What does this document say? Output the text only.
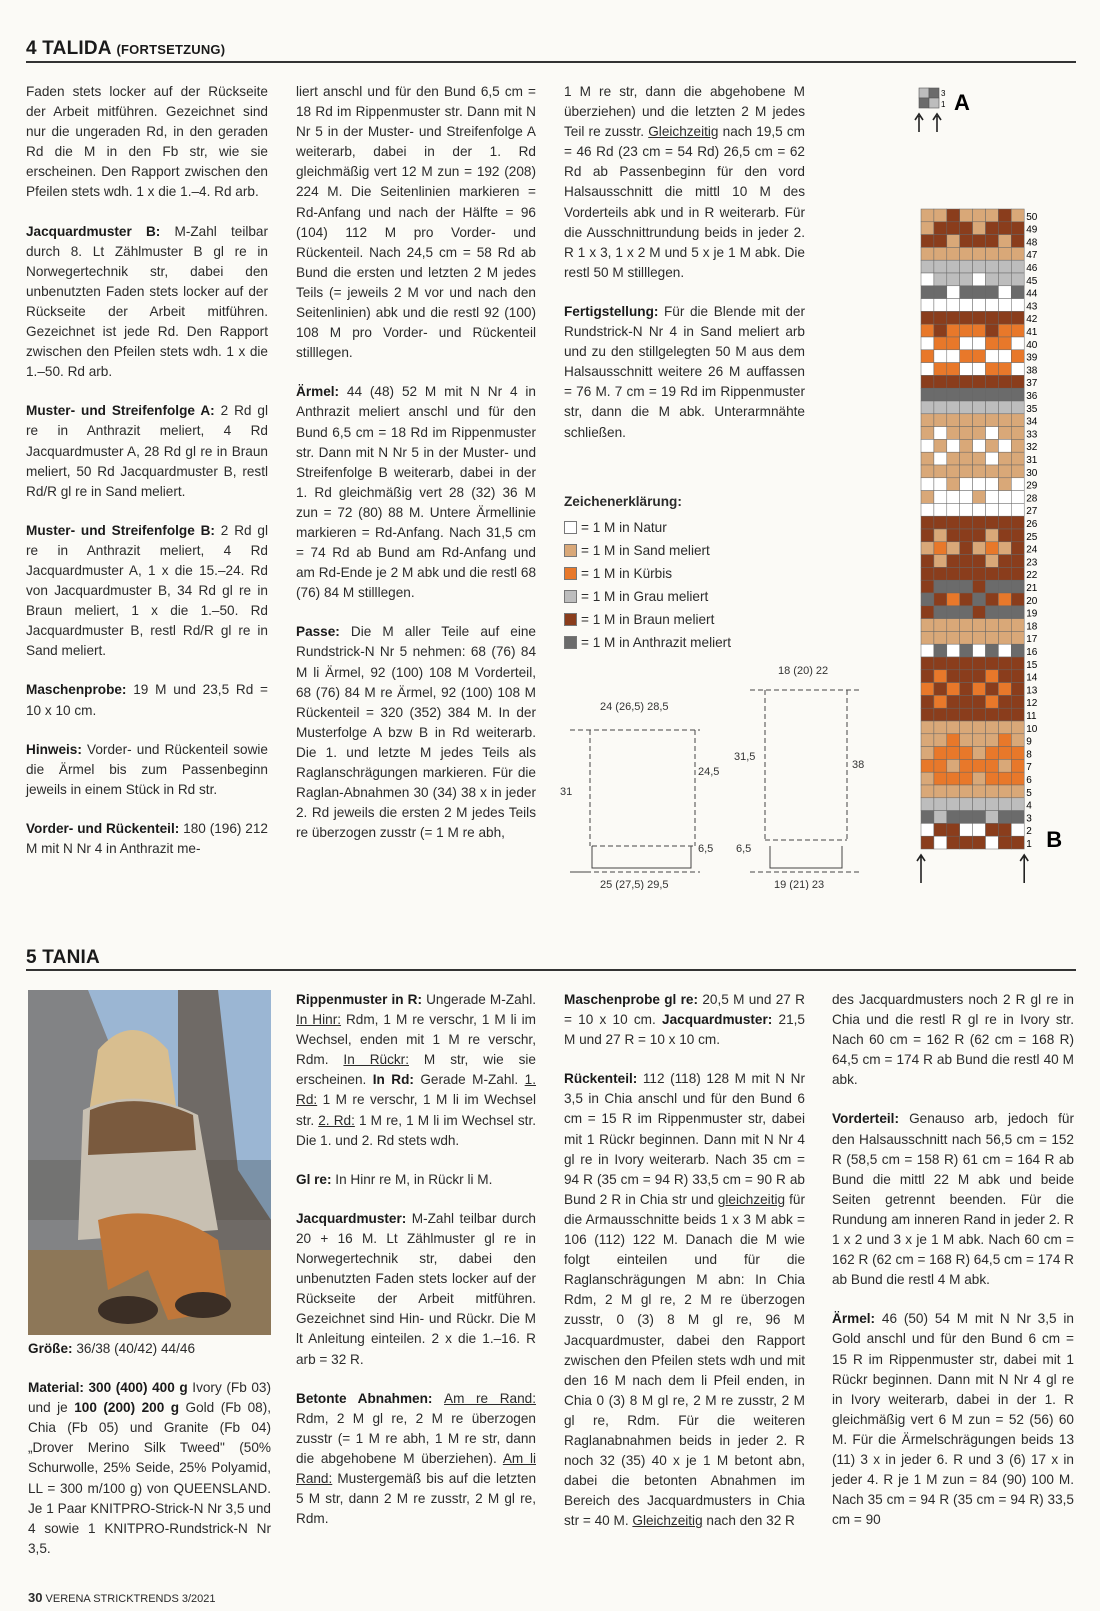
4 TALIDA (FORTSETZUNG)

Faden stets locker auf der Rückseite der Arbeit mitführen. Gezeichnet sind nur die ungeraden Rd, in den geraden Rd die M in den Fb str, wie sie erscheinen. Den Rapport zwischen den Pfeilen stets wdh. 1 x die 1.–4. Rd arb.

Jacquardmuster B: M-Zahl teilbar durch 8. Lt Zählmuster B gl re in Norwegertechnik str, dabei den unbenutzten Faden stets locker auf der Rückseite der Arbeit mitführen. Gezeichnet ist jede Rd. Den Rapport zwischen den Pfeilen stets wdh. 1 x die 1.–50. Rd arb.

Muster- und Streifenfolge A: 2 Rd gl re in Anthrazit meliert, 4 Rd Jacquardmuster A, 28 Rd gl re in Braun meliert, 50 Rd Jacquardmuster B, restl Rd/R gl re in Sand meliert.

Muster- und Streifenfolge B: 2 Rd gl re in Anthrazit meliert, 4 Rd Jacquardmuster A, 1 x die 15.–24. Rd von Jacquardmuster B, 34 Rd gl re in Braun meliert, 1 x die 1.–50. Rd Jacquardmuster B, restl Rd/R gl re in Sand meliert.

Maschenprobe: 19 M und 23,5 Rd = 10 x 10 cm.

Hinweis: Vorder- und Rückenteil sowie die Ärmel bis zum Passenbeginn jeweils in einem Stück in Rd str.

Vorder- und Rückenteil: 180 (196) 212 M mit N Nr 4 in Anthrazit me-

liert anschl und für den Bund 6,5 cm = 18 Rd im Rippenmuster str. Dann mit N Nr 5 in der Muster- und Streifenfolge A weiterarb, dabei in der 1. Rd gleichmäßig vert 12 M zun = 192 (208) 224 M. Die Seitenlinien markieren = Rd-Anfang und nach der Hälfte = 96 (104) 112 M pro Vorder- und Rückenteil. Nach 24,5 cm = 58 Rd ab Bund die ersten und letzten 2 M jedes Teils (= jeweils 2 M vor und nach den Seitenlinien) abk und die restl 92 (100) 108 M pro Vorder- und Rückenteil stilllegen.

Ärmel: 44 (48) 52 M mit N Nr 4 in Anthrazit meliert anschl und für den Bund 6,5 cm = 18 Rd im Rippenmuster str. Dann mit N Nr 5 in der Muster- und Streifenfolge B weiterarb, dabei in der 1. Rd gleichmäßig vert 28 (32) 36 M zun = 72 (80) 88 M. Untere Ärmellinie markieren = Rd-Anfang. Nach 31,5 cm = 74 Rd ab Bund am Rd-Anfang und am Rd-Ende je 2 M abk und die restl 68 (76) 84 M stilllegen.

Passe: Die M aller Teile auf eine Rundstrick-N Nr 5 nehmen: 68 (76) 84 M li Ärmel, 92 (100) 108 M Vorderteil, 68 (76) 84 M re Ärmel, 92 (100) 108 M Rückenteil = 320 (352) 384 M. In der Musterfolge A bzw B in Rd weiterarb. Die 1. und letzte M jedes Teils als Raglanschrägungen markieren. Für die Raglan-Abnahmen 30 (34) 38 x in jeder 2. Rd jeweils die ersten 2 M jedes Teils re überzogen zusstr (= 1 M re abh,

1 M re str, dann die abgehobene M überziehen) und die letzten 2 M jedes Teil re zusstr. Gleichzeitig nach 19,5 cm = 46 Rd (23 cm = 54 Rd) 26,5 cm = 62 Rd ab Passenbeginn für den vord Halsausschnitt die mittl 10 M des Vorderteils abk und in R weiterarb. Für die Ausschnittrundung beids in jeder 2. R 1 x 3, 1 x 2 M und 5 x je 1 M abk. Die restl 50 M stilllegen.

Fertigstellung: Für die Blende mit der Rundstrick-N Nr 4 in Sand meliert arb und zu den stillgelegten 50 M aus dem Halsausschnitt weitere 26 M auffassen = 76 M. 7 cm = 19 Rd im Rippenmuster str, dann die M abk. Unterarmnähte schließen.

Zeichenerklärung:
= 1 M in Natur
= 1 M in Sand meliert
= 1 M in Kürbis
= 1 M in Grau meliert
= 1 M in Braun meliert
= 1 M in Anthrazit meliert
24 (26,5) 28,5
31
24,5
6,5
25 (27,5) 29,5
18 (20) 22
38
31,5
6,5
19 (21) 23
3
1 A
50
49
48
47
46
45
44
43
42
41
40
39
38
37
36
35
34
33
32
31
30
29
28
27
26
25
24
23
22
21
20
19
18
17
16
15
14
13
12
11
10
9
8
7
6
5
4
3
2
1 B
5 TANIA

Größe: 36/38 (40/42) 44/46

Material: 300 (400) 400 g Ivory (Fb 03) und je 100 (200) 200 g Gold (Fb 08), Chia (Fb 05) und Granite (Fb 04) „Drover Merino Silk Tweed" (50% Schurwolle, 25% Seide, 25% Polyamid, LL = 300 m/100 g) von QUEENSLAND. Je 1 Paar KNITPRO-Strick-N Nr 3,5 und 4 sowie 1 KNITPRO-Rundstrick-N Nr 3,5.

Rippenmuster in R: Ungerade M-Zahl. In Hinr: Rdm, 1 M re verschr, 1 M li im Wechsel, enden mit 1 M re verschr, Rdm. In Rückr: M str, wie sie erscheinen. In Rd: Gerade M-Zahl. 1. Rd: 1 M re verschr, 1 M li im Wechsel str. 2. Rd: 1 M re, 1 M li im Wechsel str. Die 1. und 2. Rd stets wdh.

Gl re: In Hinr re M, in Rückr li M.

Jacquardmuster: M-Zahl teilbar durch 20 + 16 M. Lt Zählmuster gl re in Norwegertechnik str, dabei den unbenutzten Faden stets locker auf der Rückseite der Arbeit mitführen. Gezeichnet sind Hin- und Rückr. Die M lt Anleitung einteilen. 2 x die 1.–16. R arb = 32 R.

Betonte Abnahmen: Am re Rand: Rdm, 2 M gl re, 2 M re überzogen zusstr (= 1 M re abh, 1 M re str, dann die abgehobene M überziehen). Am li Rand: Mustergemäß bis auf die letzten 5 M str, dann 2 M re zusstr, 2 M gl re, Rdm.

Maschenprobe gl re: 20,5 M und 27 R = 10 x 10 cm. Jacquardmuster: 21,5 M und 27 R = 10 x 10 cm.

Rückenteil: 112 (118) 128 M mit N Nr 3,5 in Chia anschl und für den Bund 6 cm = 15 R im Rippenmuster str, dabei mit 1 Rückr beginnen. Dann mit N Nr 4 gl re in Ivory weiterarb. Nach 35 cm = 94 R (35 cm = 94 R) 33,5 cm = 90 R ab Bund 2 R in Chia str und gleichzeitig für die Armausschnitte beids 1 x 3 M abk = 106 (112) 122 M. Danach die M wie folgt einteilen und für die Raglanschrägungen M abn: In Chia Rdm, 2 M gl re, 2 M re überzogen zusstr, 0 (3) 8 M gl re, 96 M Jacquardmuster, dabei den Rapport zwischen den Pfeilen stets wdh und mit den 16 M nach dem li Pfeil enden, in Chia 0 (3) 8 M gl re, 2 M re zusstr, 2 M gl re, Rdm. Für die weiteren Raglanabnahmen beids in jeder 2. R noch 32 (35) 40 x je 1 M betont abn, dabei die betonten Abnahmen im Bereich des Jacquardmusters in Chia str = 40 M. Gleichzeitig nach den 32 R

des Jacquardmusters noch 2 R gl re in Chia und die restl R gl re in Ivory str. Nach 60 cm = 162 R (62 cm = 168 R) 64,5 cm = 174 R ab Bund die restl 40 M abk.

Vorderteil: Genauso arb, jedoch für den Halsausschnitt nach 56,5 cm = 152 R (58,5 cm = 158 R) 61 cm = 164 R ab Bund die mittl 22 M abk und beide Seiten getrennt beenden. Für die Rundung am inneren Rand in jeder 2. R 1 x 2 und 3 x je 1 M abk. Nach 60 cm = 162 R (62 cm = 168 R) 64,5 cm = 174 R ab Bund die restl 4 M abk.

Ärmel: 46 (50) 54 M mit N Nr 3,5 in Gold anschl und für den Bund 6 cm = 15 R im Rippenmuster str, dabei mit 1 Rückr beginnen. Dann mit N Nr 4 gl re in Ivory weiterarb, dabei in der 1. R gleichmäßig vert 6 M zun = 52 (56) 60 M. Für die Ärmelschrägungen beids 13 (11) 3 x in jeder 6. R und 3 (6) 17 x in jeder 4. R je 1 M zun = 84 (90) 100 M. Nach 35 cm = 94 R (35 cm = 94 R) 33,5 cm = 90

30 VERENA STRICKTRENDS 3/2021
